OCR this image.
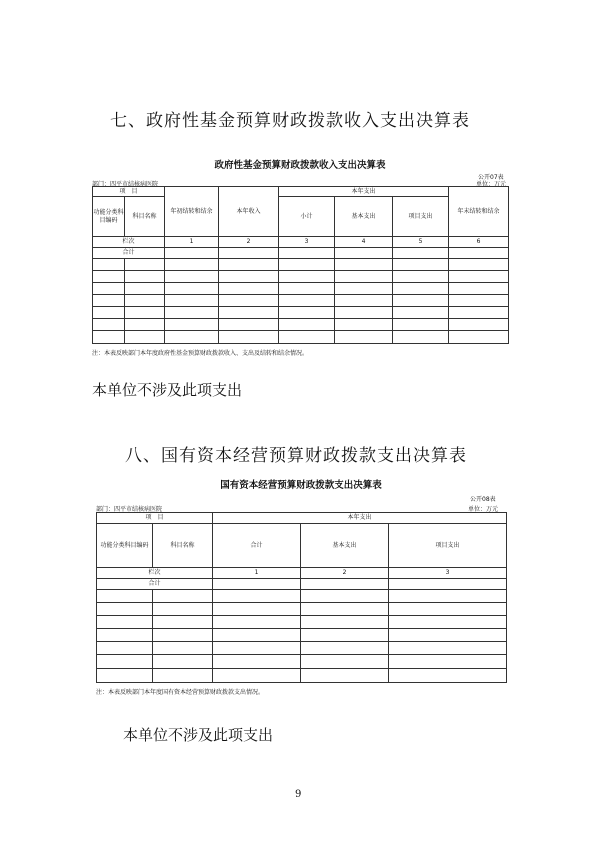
七、政府性基金预算财政拨款收入支出决算表
政府性基金预算财政拨款收入支出决算表
公开07表
部门：四平市结核病医院	单位：万元
项　目		年初结转和结余	本年收入	本年支出			年末结转和结余
功能分类科目编码	科目名称			小计	基本支出	项目支出	
栏次		1	2	3	4	5	6
合计							

注：本表反映部门本年度政府性基金预算财政拨款收入、支出及结转和结余情况。
本单位不涉及此项支出
八、国有资本经营预算财政拨款支出决算表
国有资本经营预算财政拨款支出决算表
公开08表
部门：四平市结核病医院	单位：万元
项　目		本年支出		
功能分类科目编码	科目名称	合计	基本支出	项目支出
栏次		1	2	3
合计				

注：本表反映部门本年度国有资本经营预算财政拨款支出情况。
本单位不涉及此项支出
9
